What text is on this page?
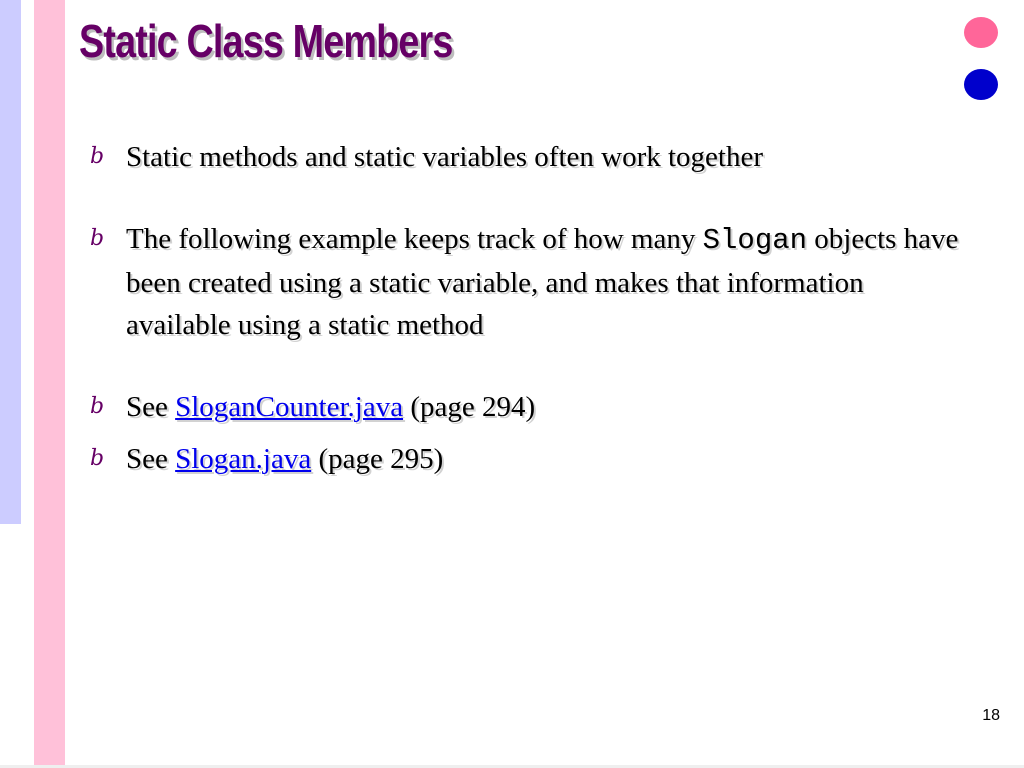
Static Class Members
b Static methods and static variables often work together
b The following example keeps track of how many Slogan objects have been created using a static variable, and makes that information available using a static method
b See SloganCounter.java (page 294)
b See Slogan.java (page 295)
18
